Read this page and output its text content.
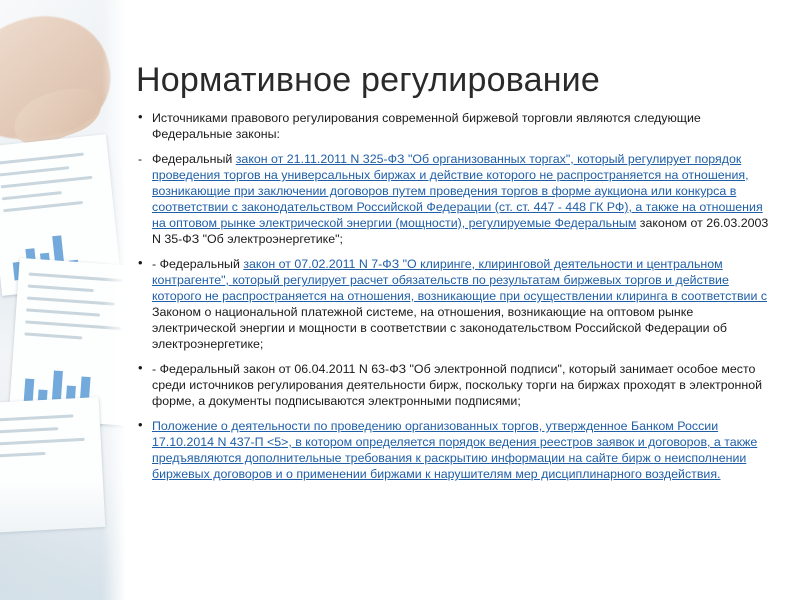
Нормативное регулирование
• Источниками правового регулирования современной биржевой торговли являются следующие Федеральные законы:
- Федеральный закон от 21.11.2011 N 325-ФЗ "Об организованных торгах", который регулирует порядок проведения торгов на универсальных биржах и действие которого не распространяется на отношения, возникающие при заключении договоров путем проведения торгов в форме аукциона или конкурса в соответствии с законодательством Российской Федерации (ст. ст. 447 - 448 ГК РФ), а также на отношения на оптовом рынке электрической энергии (мощности), регулируемые Федеральным законом от 26.03.2003 N 35-ФЗ "Об электроэнергетике";
• - Федеральный закон от 07.02.2011 N 7-ФЗ "О клиринге, клиринговой деятельности и центральном контрагенте", который регулирует расчет обязательств по результатам биржевых торгов и действие которого не распространяется на отношения, возникающие при осуществлении клиринга в соответствии с Законом о национальной платежной системе, на отношения, возникающие на оптовом рынке электрической энергии и мощности в соответствии с законодательством Российской Федерации об электроэнергетике;
• - Федеральный закон от 06.04.2011 N 63-ФЗ "Об электронной подписи", который занимает особое место среди источников регулирования деятельности бирж, поскольку торги на биржах проходят в электронной форме, а документы подписываются электронными подписями;
• Положение о деятельности по проведению организованных торгов, утвержденное Банком России 17.10.2014 N 437-П <5>, в котором определяется порядок ведения реестров заявок и договоров, а также предъявляются дополнительные требования к раскрытию информации на сайте бирж о неисполнении биржевых договоров и о применении биржами к нарушителям мер дисциплинарного воздействия.
